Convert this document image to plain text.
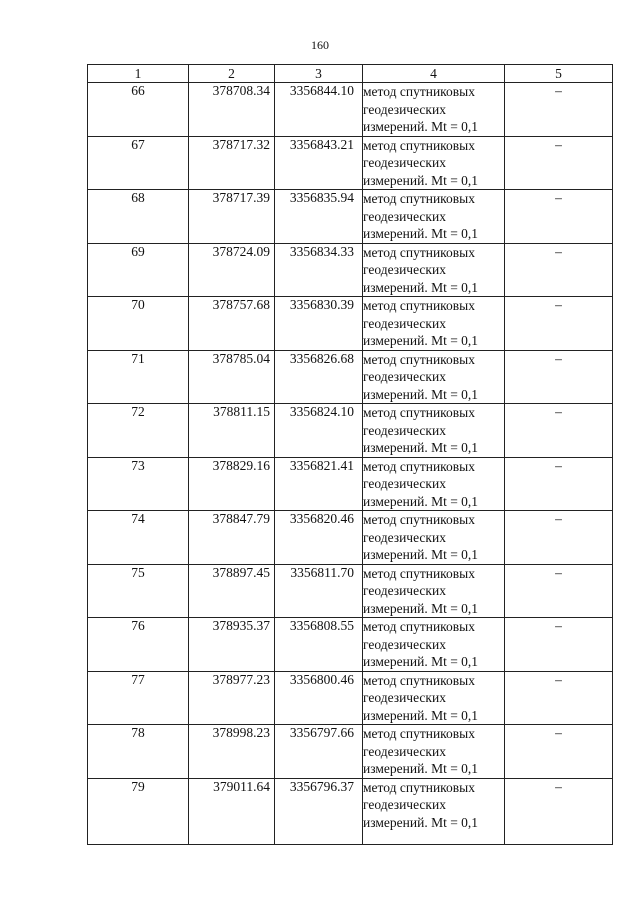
160
1	2	3	4	5
66	378708.34	3356844.10	метод спутниковых
геодезических
измерений. Mt = 0,1	–
67	378717.32	3356843.21	метод спутниковых
геодезических
измерений. Mt = 0,1	–
68	378717.39	3356835.94	метод спутниковых
геодезических
измерений. Mt = 0,1	–
69	378724.09	3356834.33	метод спутниковых
геодезических
измерений. Mt = 0,1	–
70	378757.68	3356830.39	метод спутниковых
геодезических
измерений. Mt = 0,1	–
71	378785.04	3356826.68	метод спутниковых
геодезических
измерений. Mt = 0,1	–
72	378811.15	3356824.10	метод спутниковых
геодезических
измерений. Mt = 0,1	–
73	378829.16	3356821.41	метод спутниковых
геодезических
измерений. Mt = 0,1	–
74	378847.79	3356820.46	метод спутниковых
геодезических
измерений. Mt = 0,1	–
75	378897.45	3356811.70	метод спутниковых
геодезических
измерений. Mt = 0,1	–
76	378935.37	3356808.55	метод спутниковых
геодезических
измерений. Mt = 0,1	–
77	378977.23	3356800.46	метод спутниковых
геодезических
измерений. Mt = 0,1	–
78	378998.23	3356797.66	метод спутниковых
геодезических
измерений. Mt = 0,1	–
79	379011.64	3356796.37	метод спутниковых
геодезических
измерений. Mt = 0,1	–
